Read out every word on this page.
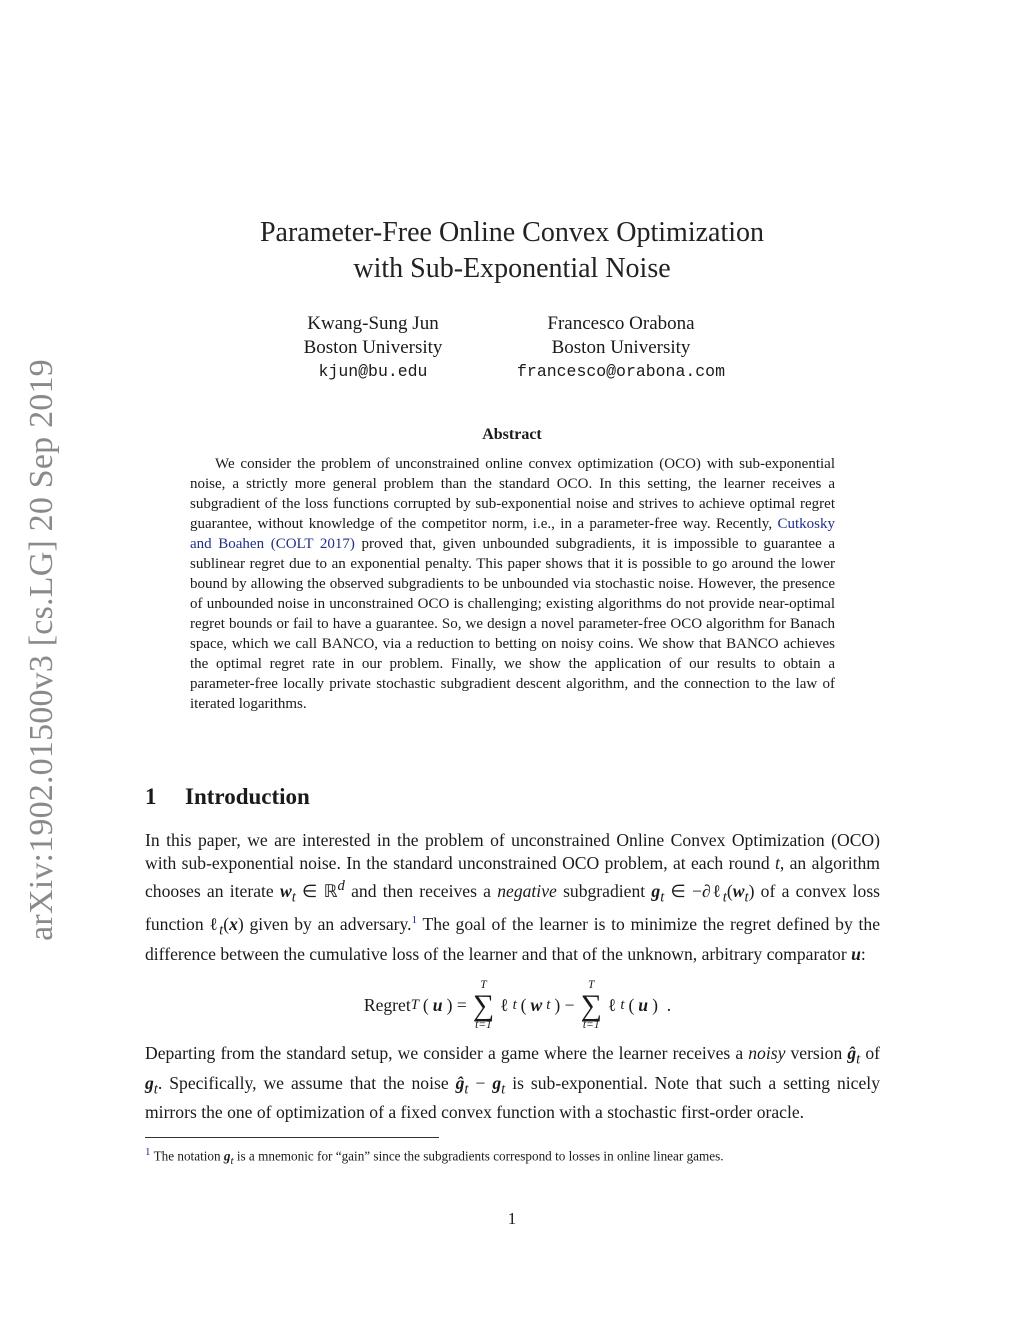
arXiv:1902.01500v3 [cs.LG] 20 Sep 2019
Parameter-Free Online Convex Optimization
with Sub-Exponential Noise
Kwang-Sung Jun
Boston University
kjun@bu.edu
Francesco Orabona
Boston University
francesco@orabona.com
Abstract

We consider the problem of unconstrained online convex optimization (OCO) with sub-exponential noise, a strictly more general problem than the standard OCO. In this setting, the learner receives a subgradient of the loss functions corrupted by sub-exponential noise and strives to achieve optimal regret guarantee, without knowledge of the competitor norm, i.e., in a parameter-free way. Recently, Cutkosky and Boahen (COLT 2017) proved that, given unbounded subgradients, it is impossible to guarantee a sublinear regret due to an exponential penalty. This paper shows that it is possible to go around the lower bound by allowing the observed subgradients to be unbounded via stochastic noise. However, the presence of unbounded noise in unconstrained OCO is challenging; existing algorithms do not provide near-optimal regret bounds or fail to have a guarantee. So, we design a novel parameter-free OCO algorithm for Banach space, which we call BANCO, via a reduction to betting on noisy coins. We show that BANCO achieves the optimal regret rate in our problem. Finally, we show the application of our results to obtain a parameter-free locally private stochastic subgradient descent algorithm, and the connection to the law of iterated logarithms.

1 Introduction

In this paper, we are interested in the problem of unconstrained Online Convex Optimization (OCO) with sub-exponential noise. In the standard unconstrained OCO problem, at each round t, an algorithm chooses an iterate $w_t$ ∈ ℝ$^d$ and then receives a negative subgradient $g_t$ ∈ $-\partial\ell_t(w_t)$ of a convex loss function ℓ$_t$(x) given by an adversary.$^1$ The goal of the learner is to minimize the regret defined by the difference between the cumulative loss of the learner and that of the unknown, arbitrary comparator u:

Regret T ( u ) =
T
∑
t=1
ℓ t ( w t ) −
T
∑
t=1
ℓ t ( u )  .

Departing from the standard setup, we consider a game where the learner receives a noisy version $ĝ_t$ of $g_t$. Specifically, we assume that the noise $ĝ_t - g_t$ is sub-exponential. Note that such a setting nicely mirrors the one of optimization of a fixed convex function with a stochastic first-order oracle.

$^1$ The notation $g_t$ is a mnemonic for “gain” since the subgradients correspond to losses in online linear games.

1
